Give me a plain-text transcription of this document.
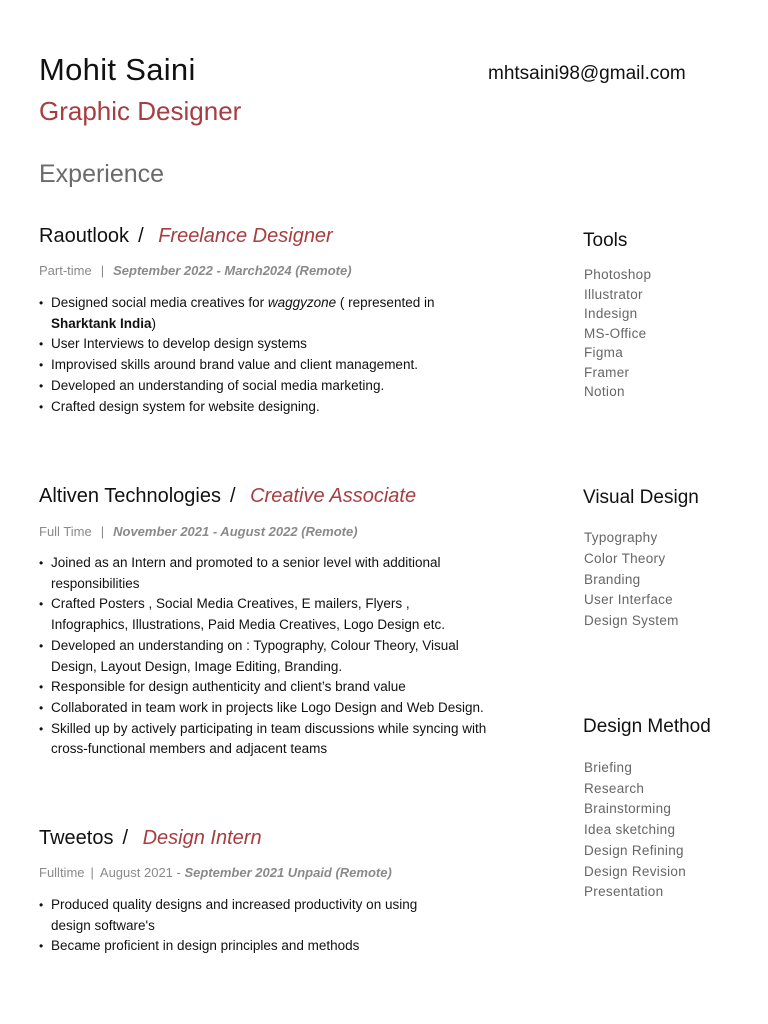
Mohit Saini
Graphic Designer
mhtsaini98@gmail.com
Experience
Raoutlook / Freelance Designer
Part-time | September 2022 - March2024 (Remote)
• Designed social media creatives for waggyzone ( represented in Sharktank India)
• User Interviews to develop design systems
• Improvised skills around brand value and client management.
• Developed an understanding of social media marketing.
• Crafted design system for website designing.
Altiven Technologies / Creative Associate
Full Time | November 2021 - August 2022 (Remote)
• Joined as an Intern and promoted to a senior level with additional responsibilities
• Crafted Posters , Social Media Creatives, E mailers, Flyers , Infographics, Illustrations, Paid Media Creatives, Logo Design etc.
• Developed an understanding on : Typography, Colour Theory, Visual Design, Layout Design, Image Editing, Branding.
• Responsible for design authenticity and client’s brand value
• Collaborated in team work in projects like Logo Design and Web Design.
• Skilled up by actively participating in team discussions while syncing with cross-functional members and adjacent teams
Tweetos / Design Intern
Fulltime | August 2021 - September 2021 Unpaid (Remote)
• Produced quality designs and increased productivity on using design software's
• Became proficient in design principles and methods
Tools
Photoshop
Illustrator
Indesign
MS-Office
Figma
Framer
Notion
Visual Design
Typography
Color Theory
Branding
User Interface
Design System
Design Method
Briefing
Research
Brainstorming
Idea sketching
Design Refining
Design Revision
Presentation
